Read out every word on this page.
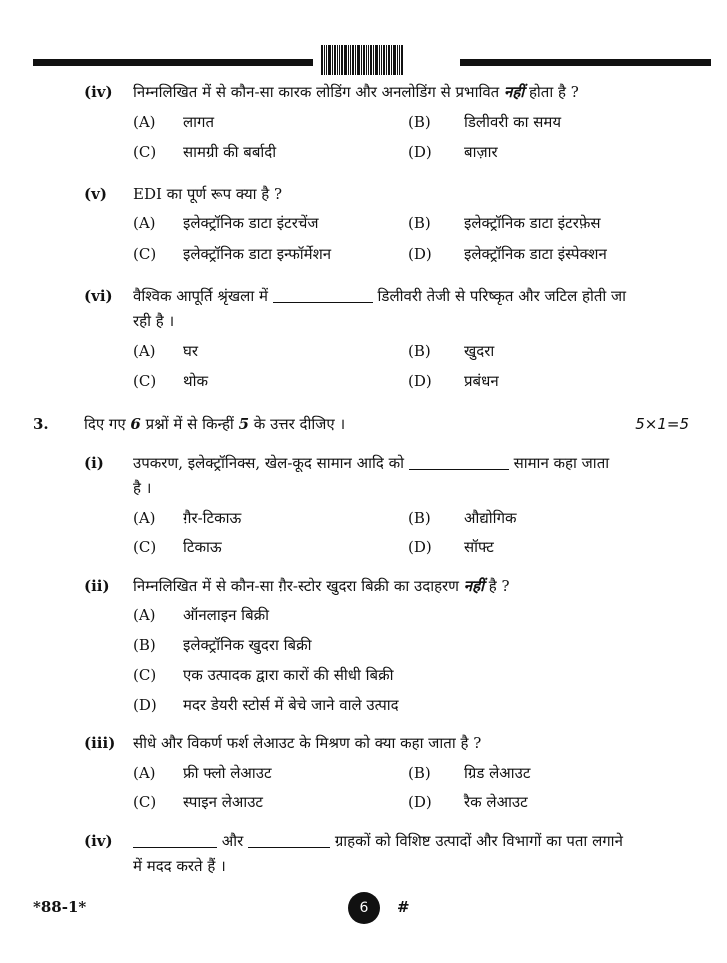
(iv) निम्नलिखित में से कौन-सा कारक लोडिंग और अनलोडिंग से प्रभावित नहीं होता है ?
(A) लागत	(B) डिलीवरी का समय
(C) सामग्री की बर्बादी	(D) बाज़ार
(v) EDI का पूर्ण रूप क्या है ?
(A) इलेक्ट्रॉनिक डाटा इंटरचेंज	(B) इलेक्ट्रॉनिक डाटा इंटरफ़ेस
(C) इलेक्ट्रॉनिक डाटा इन्फॉर्मेशन	(D) इलेक्ट्रॉनिक डाटा इंस्पेक्शन
(vi) वैश्विक आपूर्ति श्रृंखला में	डिलीवरी तेजी से परिष्कृत और जटिल होती जा
रही है ।
(A) घर	(B) खुदरा
(C) थोक	(D) प्रबंधन
3. दिए गए 6 प्रश्नों में से किन्हीं 5 के उत्तर दीजिए ।	5×1=5
(i) उपकरण, इलेक्ट्रॉनिक्स, खेल-कूद सामान आदि को	सामान कहा जाता
है ।
(A) ग़ैर-टिकाऊ	(B) औद्योगिक
(C) टिकाऊ	(D) सॉफ्ट
(ii) निम्नलिखित में से कौन-सा ग़ैर-स्टोर खुदरा बिक्री का उदाहरण नहीं है ?
(A) ऑनलाइन बिक्री
(B) इलेक्ट्रॉनिक खुदरा बिक्री
(C) एक उत्पादक द्वारा कारों की सीधी बिक्री
(D) मदर डेयरी स्टोर्स में बेचे जाने वाले उत्पाद
(iii) सीधे और विकर्ण फर्श लेआउट के मिश्रण को क्या कहा जाता है ?
(A) फ्री फ्लो लेआउट	(B) ग्रिड लेआउट
(C) स्पाइन लेआउट	(D) रैक लेआउट
(iv)	और	ग्राहकों को विशिष्ट उत्पादों और विभागों का पता लगाने
में मदद करते हैं ।
*88-1*	6	#
